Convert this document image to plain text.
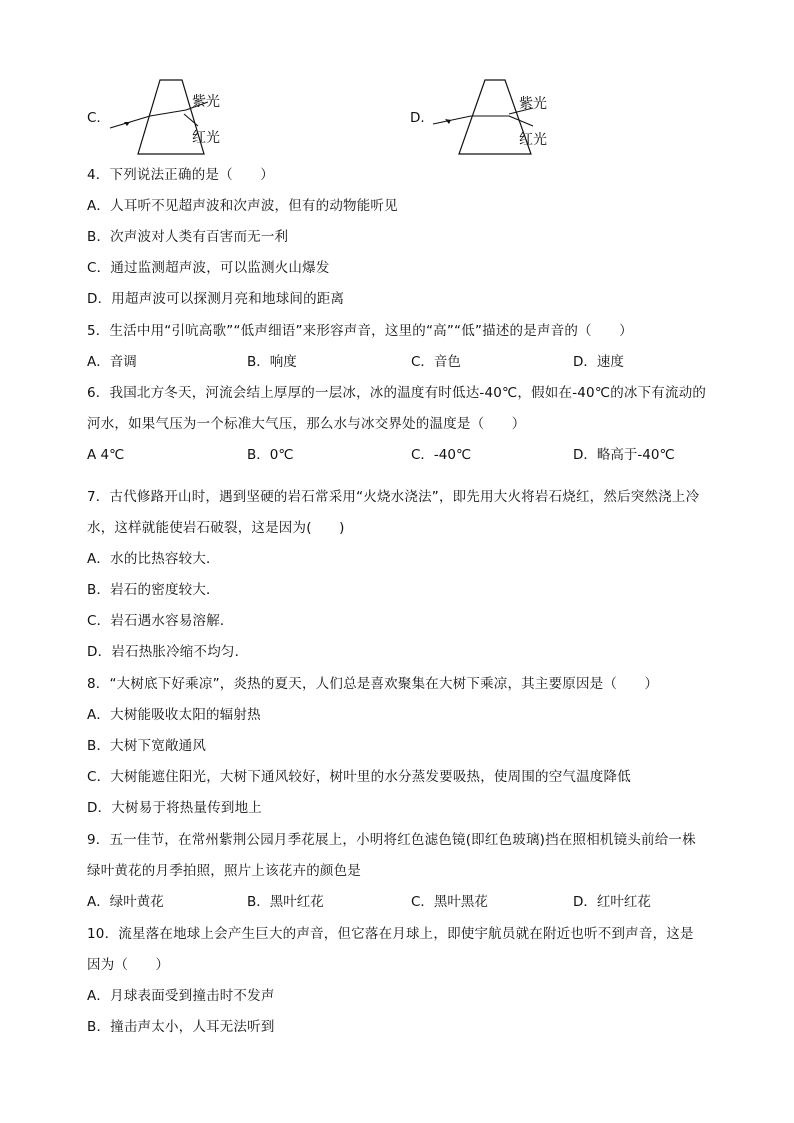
C.
紫光
红光
D.
紫光
红光
4．下列说法正确的是（　　）
A．人耳听不见超声波和次声波，但有的动物能听见
B．次声波对人类有百害而无一利
C．通过监测超声波，可以监测火山爆发
D．用超声波可以探测月亮和地球间的距离
5．生活中用“引吭高歌”“低声细语”来形容声音，这里的“高”“低”描述的是声音的（　　）
A．音调	B．响度	C．音色	D．速度
6．我国北方冬天，河流会结上厚厚的一层冰，冰的温度有时低达-40℃，假如在-40℃的冰下有流动的
河水，如果气压为一个标准大气压，那么水与冰交界处的温度是（　　）
A 4℃	B．0℃	C．-40℃	D．略高于-40℃
7．古代修路开山时，遇到坚硬的岩石常采用“火烧水浇法”，即先用大火将岩石烧红，然后突然浇上冷
水，这样就能使岩石破裂，这是因为(　　)
A．水的比热容较大．
B．岩石的密度较大．
C．岩石遇水容易溶解．
D．岩石热胀冷缩不均匀．
8．“大树底下好乘凉”，炎热的夏天，人们总是喜欢聚集在大树下乘凉，其主要原因是（　　）
A．大树能吸收太阳的辐射热
B．大树下宽敞通风
C．大树能遮住阳光，大树下通风较好，树叶里的水分蒸发要吸热，使周围的空气温度降低
D．大树易于将热量传到地上
9．五一佳节，在常州紫荆公园月季花展上，小明将红色滤色镜(即红色玻璃)挡在照相机镜头前给一株
绿叶黄花的月季拍照，照片上该花卉的颜色是
A．绿叶黄花	B．黑叶红花	C．黑叶黑花	D．红叶红花
10．流星落在地球上会产生巨大的声音，但它落在月球上，即使宇航员就在附近也听不到声音，这是
因为（　　）
A．月球表面受到撞击时不发声
B．撞击声太小，人耳无法听到
